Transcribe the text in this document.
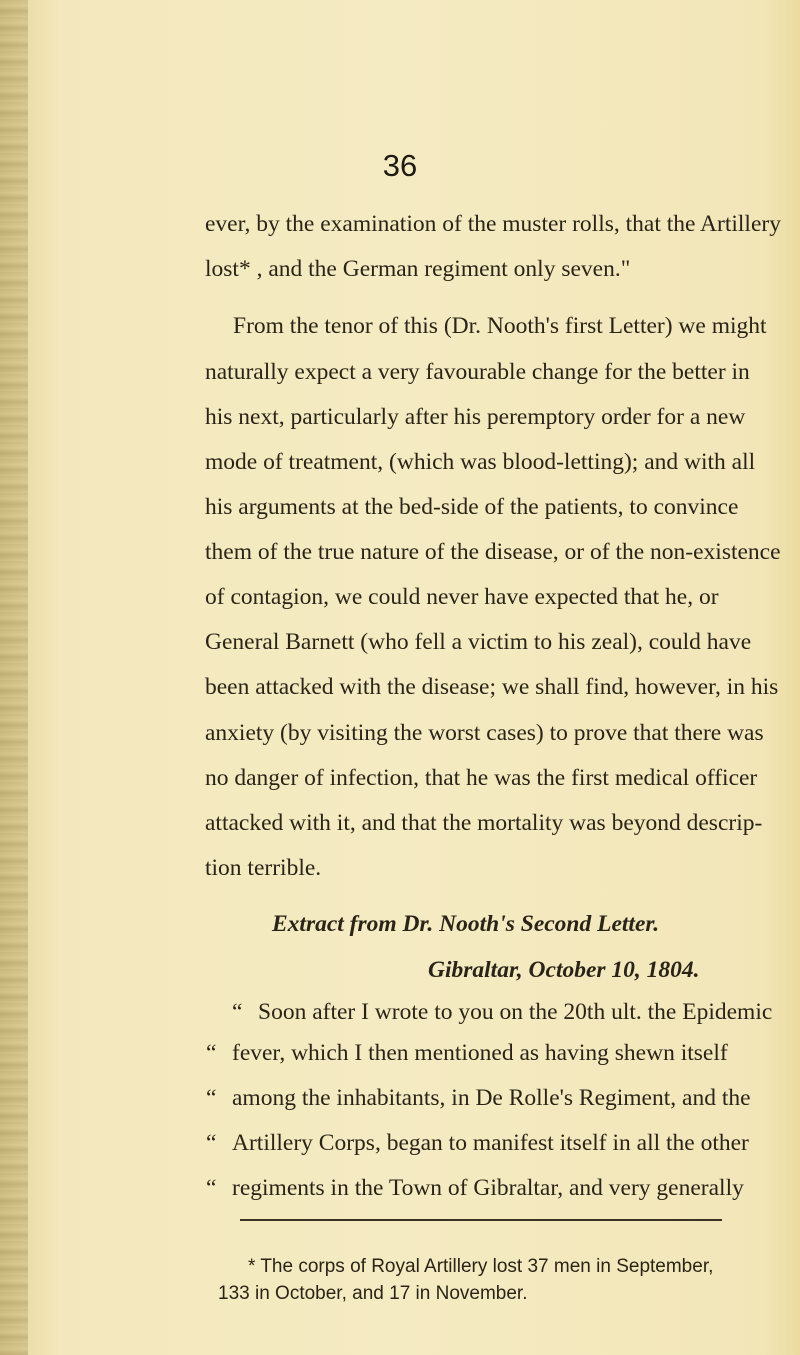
36
ever, by the examination of the muster rolls, that the Artillery
lost* , and the German regiment only seven."
From the tenor of this (Dr. Nooth's first Letter) we might
naturally expect a very favourable change for the better in
his next, particularly after his peremptory order for a new
mode of treatment, (which was blood-letting); and with all
his arguments at the bed-side of the patients, to convince
them of the true nature of the disease, or of the non-existence
of contagion, we could never have expected that he, or
General Barnett (who fell a victim to his zeal), could have
been attacked with the disease; we shall find, however, in his
anxiety (by visiting the worst cases) to prove that there was
no danger of infection, that he was the first medical officer
attacked with it, and that the mortality was beyond descrip-
tion terrible.
Extract from Dr. Nooth's Second Letter.
Gibraltar, October 10, 1804.
“ Soon after I wrote to you on the 20th ult. the Epidemic
“ fever, which I then mentioned as having shewn itself
“ among the inhabitants, in De Rolle's Regiment, and the
“ Artillery Corps, began to manifest itself in all the other
“ regiments in the Town of Gibraltar, and very generally
* The corps of Royal Artillery lost 37 men in September,
133 in October, and 17 in November.
